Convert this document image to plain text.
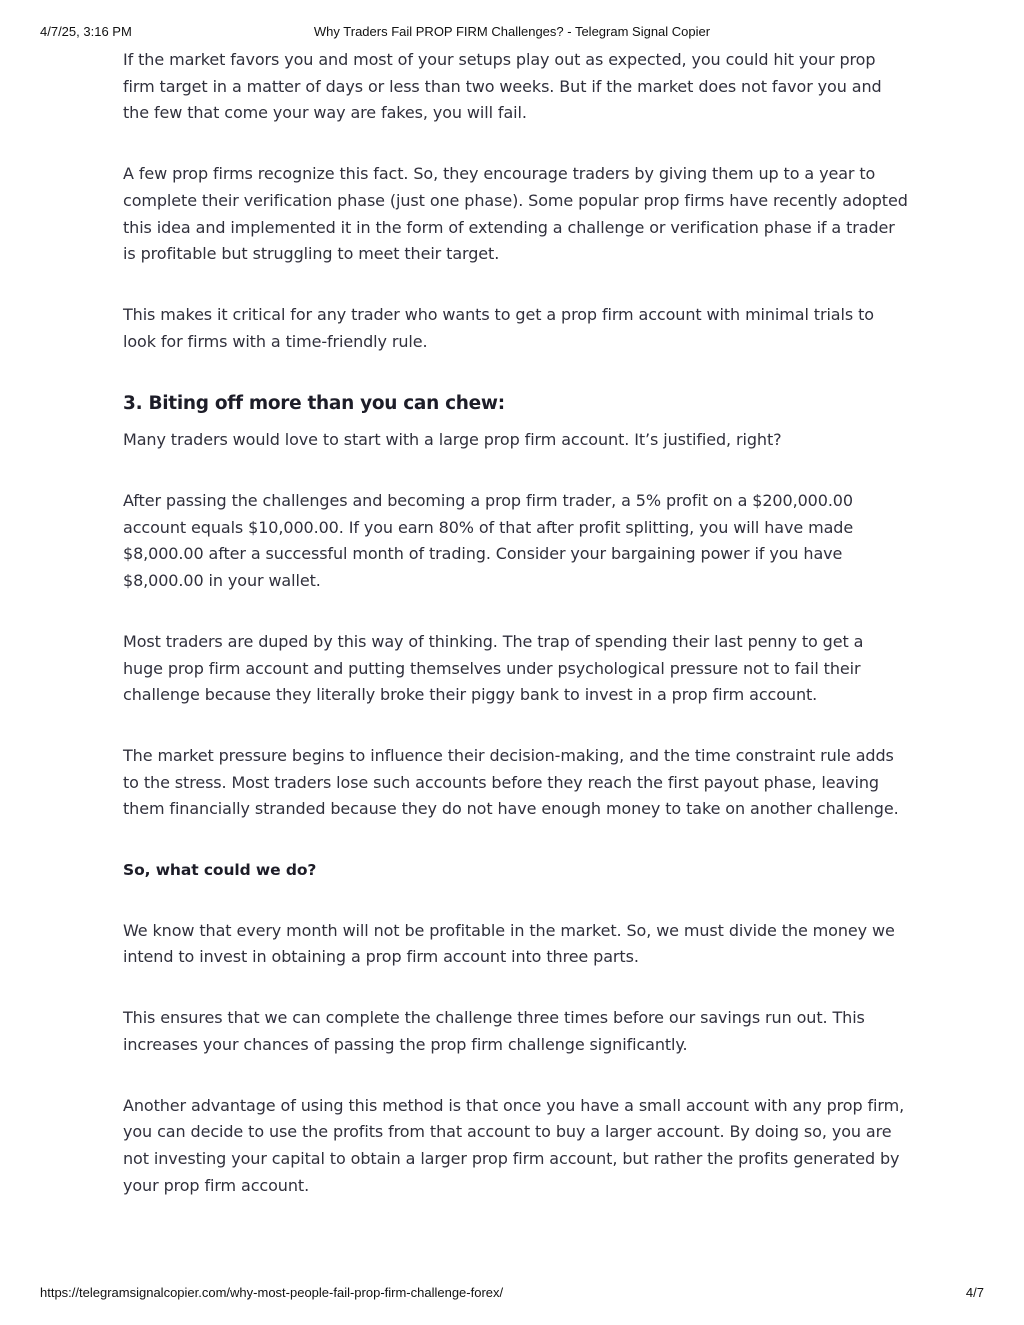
4/7/25, 3:16 PM	Why Traders Fail PROP FIRM Challenges? - Telegram Signal Copier

If the market favors you and most of your setups play out as expected, you could hit your prop firm target in a matter of days or less than two weeks. But if the market does not favor you and the few that come your way are fakes, you will fail.

A few prop firms recognize this fact. So, they encourage traders by giving them up to a year to complete their verification phase (just one phase). Some popular prop firms have recently adopted this idea and implemented it in the form of extending a challenge or verification phase if a trader is profitable but struggling to meet their target.

This makes it critical for any trader who wants to get a prop firm account with minimal trials to look for firms with a time-friendly rule.

3. Biting off more than you can chew:

Many traders would love to start with a large prop firm account. It’s justified, right?

After passing the challenges and becoming a prop firm trader, a 5% profit on a $200,000.00 account equals $10,000.00. If you earn 80% of that after profit splitting, you will have made $8,000.00 after a successful month of trading. Consider your bargaining power if you have $8,000.00 in your wallet.

Most traders are duped by this way of thinking. The trap of spending their last penny to get a huge prop firm account and putting themselves under psychological pressure not to fail their challenge because they literally broke their piggy bank to invest in a prop firm account.

The market pressure begins to influence their decision-making, and the time constraint rule adds to the stress. Most traders lose such accounts before they reach the first payout phase, leaving them financially stranded because they do not have enough money to take on another challenge.

So, what could we do?

We know that every month will not be profitable in the market. So, we must divide the money we intend to invest in obtaining a prop firm account into three parts.

This ensures that we can complete the challenge three times before our savings run out. This increases your chances of passing the prop firm challenge significantly.

Another advantage of using this method is that once you have a small account with any prop firm, you can decide to use the profits from that account to buy a larger account. By doing so, you are not investing your capital to obtain a larger prop firm account, but rather the profits generated by your prop firm account.

https://telegramsignalcopier.com/why-most-people-fail-prop-firm-challenge-forex/	4/7
